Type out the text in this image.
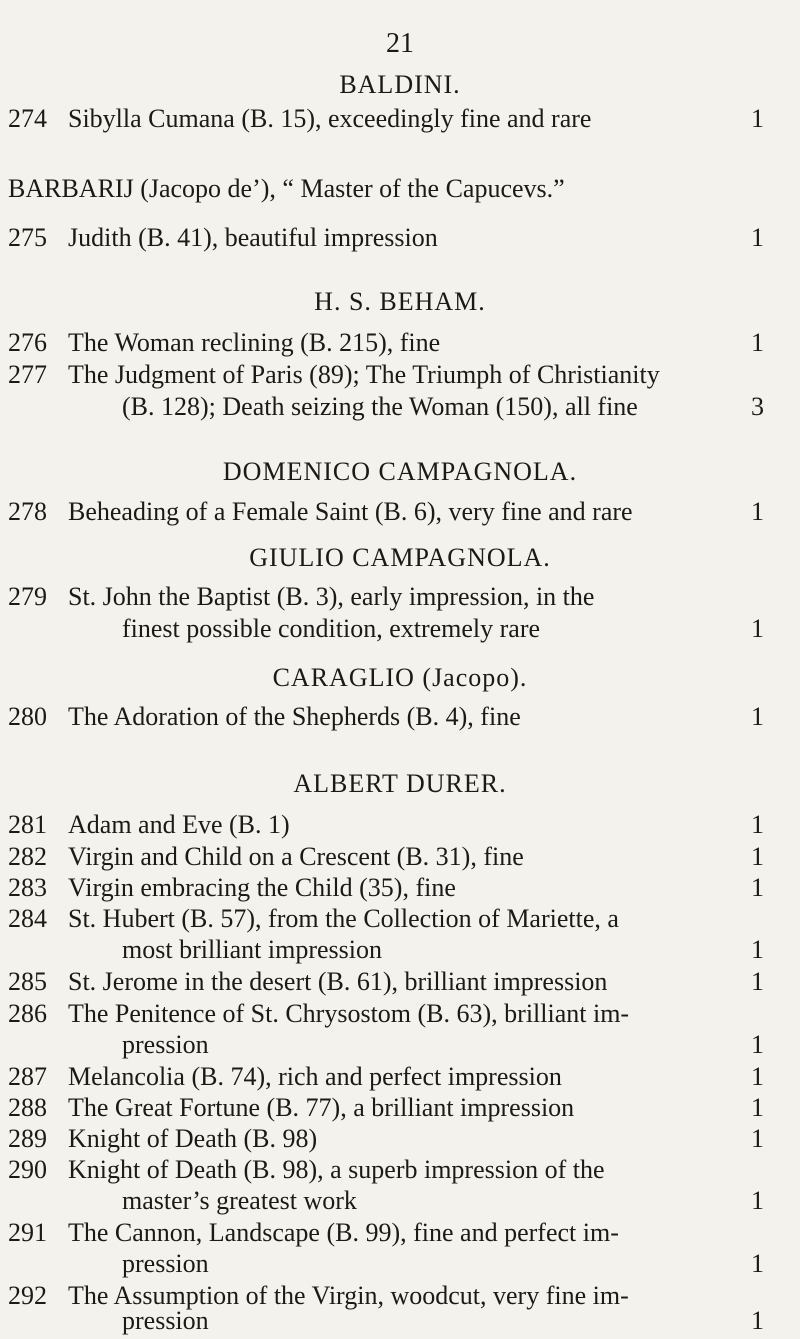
21
BALDINI.
274 Sibylla Cumana (B. 15), exceedingly fine and rare	1
BARBARIJ (Jacopo de’), “ Master of the Capucevs.”
275 Judith (B. 41), beautiful impression	1
H. S. BEHAM.
276 The Woman reclining (B. 215), fine	1
277 The Judgment of Paris (89); The Triumph of Christianity
(B. 128); Death seizing the Woman (150), all fine	3
DOMENICO CAMPAGNOLA.
278 Beheading of a Female Saint (B. 6), very fine and rare	1
GIULIO CAMPAGNOLA.
279 St. John the Baptist (B. 3), early impression, in the
finest possible condition, extremely rare	1
CARAGLIO (Jacopo).
280 The Adoration of the Shepherds (B. 4), fine	1
ALBERT DURER.
281 Adam and Eve (B. 1)	1
282 Virgin and Child on a Crescent (B. 31), fine	1
283 Virgin embracing the Child (35), fine	1
284 St. Hubert (B. 57), from the Collection of Mariette, a
most brilliant impression	1
285 St. Jerome in the desert (B. 61), brilliant impression	1
286 The Penitence of St. Chrysostom (B. 63), brilliant im-
pression	1
287 Melancolia (B. 74), rich and perfect impression	1
288 The Great Fortune (B. 77), a brilliant impression	1
289 Knight of Death (B. 98)	1
290 Knight of Death (B. 98), a superb impression of the
master’s greatest work	1
291 The Cannon, Landscape (B. 99), fine and perfect im-
pression	1
292 The Assumption of the Virgin, woodcut, very fine im-
pression	1
